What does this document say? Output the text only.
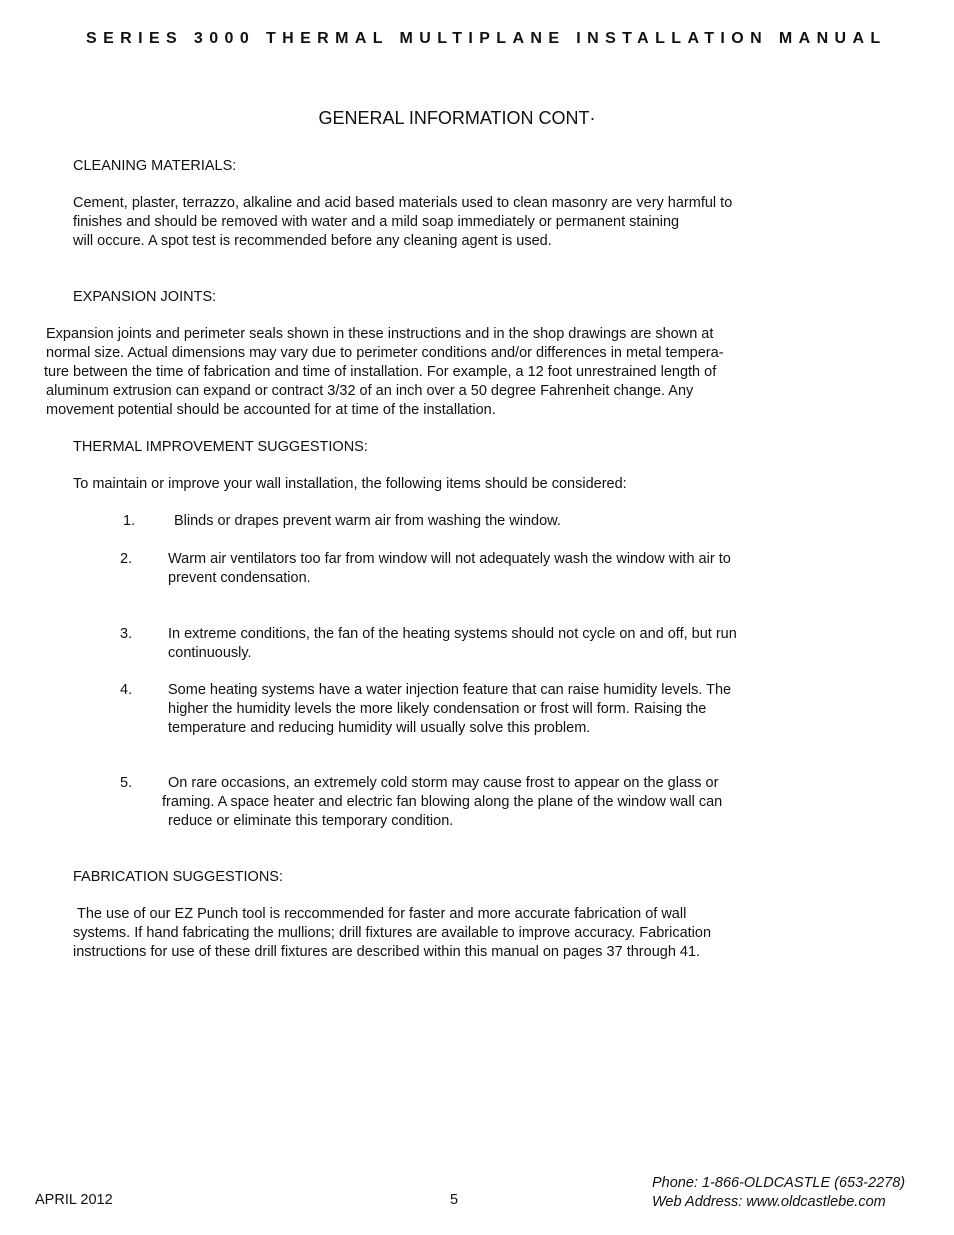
SERIES 3000 THERMAL MULTIPLANE INSTALLATION MANUAL
GENERAL INFORMATION CONT·
CLEANING MATERIALS:
Cement, plaster, terrazzo, alkaline and acid based materials used to clean masonry are very harmful to
finishes and should be removed with water and a mild soap immediately or permanent staining
will occure. A spot test is recommended before any cleaning agent is used.
EXPANSION JOINTS:
Expansion joints and perimeter seals shown in these instructions and in the shop drawings are shown at
normal size. Actual dimensions may vary due to perimeter conditions and/or differences in metal tempera-
ture between the time of fabrication and time of installation. For example, a 12 foot unrestrained length of
aluminum extrusion can expand or contract 3/32 of an inch over a 50 degree Fahrenheit change. Any
movement potential should be accounted for at time of the installation.
THERMAL IMPROVEMENT SUGGESTIONS:
To maintain or improve your wall installation, the following items should be considered:
1.	Blinds or drapes prevent warm air from washing the window.
2. Warm air ventilators too far from window will not adequately wash the window with air to
prevent condensation.
3. In extreme conditions, the fan of the heating systems should not cycle on and off, but run
continuously.
4. Some heating systems have a water injection feature that can raise humidity levels. The
higher the humidity levels the more likely condensation or frost will form. Raising the
temperature and reducing humidity will usually solve this problem.
5. On rare occasions, an extremely cold storm may cause frost to appear on the glass or
framing. A space heater and electric fan blowing along the plane of the window wall can
reduce or eliminate this temporary condition.
FABRICATION SUGGESTIONS:
The use of our EZ Punch tool is reccommended for faster and more accurate fabrication of wall
systems. If hand fabricating the mullions; drill fixtures are available to improve accuracy. Fabrication
instructions for use of these drill fixtures are described within this manual on pages 37 through 41.
APRIL 2012	5
Phone: 1-866-OLDCASTLE (653-2278)
Web Address: www.oldcastlebe.com
